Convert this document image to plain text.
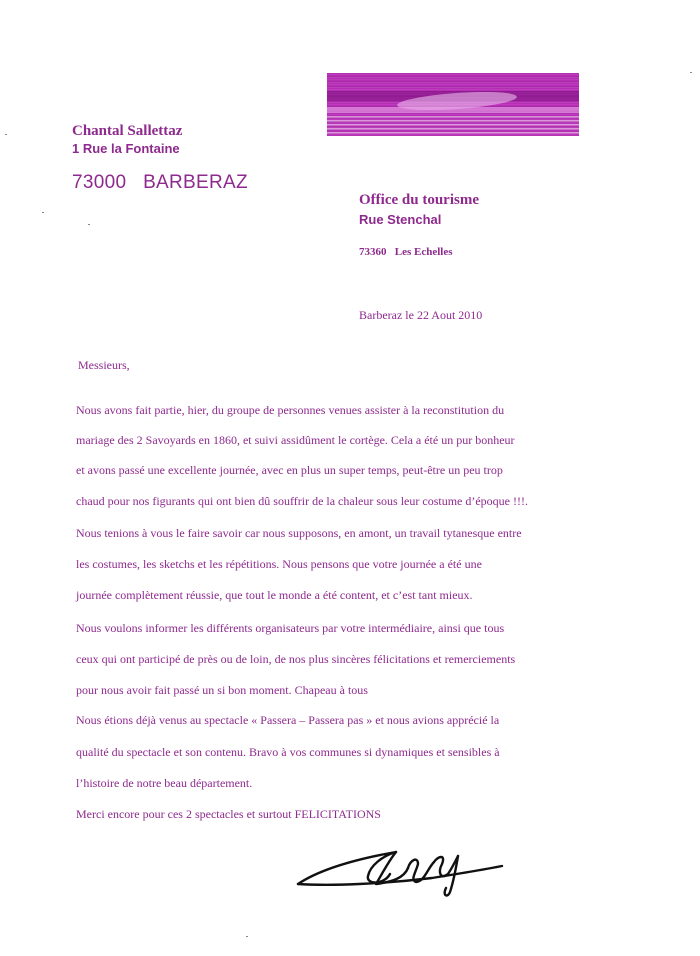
Chantal Sallettaz
1 Rue la Fontaine
73000   BARBERAZ
Office du tourisme
Rue Stenchal
73360   Les Echelles
Barberaz le 22 Aout 2010
Messieurs,
Nous avons fait partie, hier, du groupe de personnes venues assister à la reconstitution du
mariage des 2 Savoyards en 1860, et suivi assidûment le cortège. Cela a été un pur bonheur
et avons passé une excellente journée, avec en plus un super temps, peut-être un peu trop
chaud pour nos figurants qui ont bien dû souffrir de la chaleur sous leur costume d’époque !!!.
Nous tenions à vous le faire savoir car nous supposons, en amont, un travail tytanesque entre
les costumes, les sketchs et les répétitions. Nous pensons que votre journée a été une
journée complètement réussie, que tout le monde a été content, et c’est tant mieux.
Nous voulons informer les différents organisateurs par votre intermédiaire, ainsi que tous
ceux qui ont participé de près ou de loin, de nos plus sincères félicitations et remerciements
pour nous avoir fait passé un si bon moment. Chapeau à tous
Nous étions déjà venus au spectacle « Passera – Passera pas » et nous avions apprécié la
qualité du spectacle et son contenu. Bravo à vos communes si dynamiques et sensibles à
l’histoire de notre beau département.
Merci encore pour ces 2 spectacles et surtout FELICITATIONS
